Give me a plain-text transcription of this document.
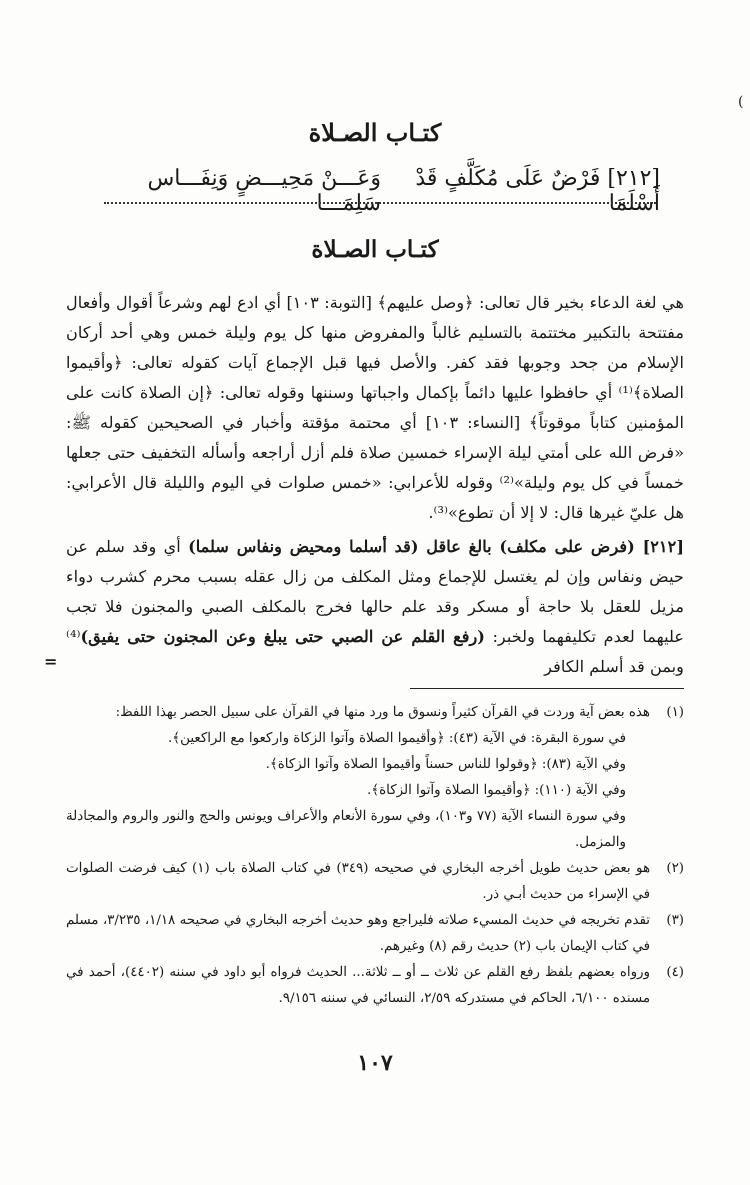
(
كتـاب الصـلاة
[٢١٢] فَرْضٌ عَلَى مُكَلَّفٍ قَدْ أَسْلَمَا
وَعَـــنْ مَحِيـــضٍ وَنِفَـــاس سَلِمَـــا
كتـاب الصـلاة

هي لغة الدعاء بخير قال تعالى: ﴿وصل عليهم﴾ [التوبة: ١٠٣] أي ادع لهم وشرعاً أقوال وأفعال مفتتحة بالتكبير مختتمة بالتسليم غالباً والمفروض منها كل يوم وليلة خمس وهي أحد أركان الإسلام من جحد وجوبها فقد كفر. والأصل فيها قبل الإجماع آيات كقوله تعالى: ﴿وأقيموا الصلاة﴾⁽¹⁾ أي حافظوا عليها دائماً بإكمال واجباتها وسننها وقوله تعالى: ﴿إن الصلاة كانت على المؤمنين كتاباً موقوتاً﴾ [النساء: ١٠٣] أي محتمة مؤقتة وأخبار في الصحيحين كقوله ﷺ: «فرض الله على أمتي ليلة الإسراء خمسين صلاة فلم أزل أراجعه وأسأله التخفيف حتى جعلها خمساً في كل يوم وليلة»⁽²⁾ وقوله للأعرابي: «خمس صلوات في اليوم والليلة قال الأعرابي: هل عليّ غيرها قال: لا إلا أن تطوع»⁽³⁾.

[٢١٢] (فرض على مكلف) بالغ عاقل (قد أسلما ومحيض ونفاس سلما) أي وقد سلم عن حيض ونفاس وإن لم يغتسل للإجماع ومثل المكلف من زال عقله بسبب محرم كشرب دواء مزيل للعقل بلا حاجة أو مسكر وقد علم حالها فخرج بالمكلف الصبي والمجنون فلا تجب عليهما لعدم تكليفهما ولخبر: (رفع القلم عن الصبي حتى يبلغ وعن المجنون حتى يفيق)⁽⁴⁾ وبمن قد أسلم الكافر

=
(١)
هذه بعض آية وردت في القرآن كثيراً ونسوق ما ورد منها في القرآن على سبيل الحصر بهذا اللفظ:
في سورة البقرة: في الآية (٤٣): ﴿وأقيموا الصلاة وآتوا الزكاة واركعوا مع الراكعين﴾.
وفي الآية (٨٣): ﴿وقولوا للناس حسناً وأقيموا الصلاة وآتوا الزكاة﴾.
وفي الآية (١١٠): ﴿وأقيموا الصلاة وآتوا الزكاة﴾.
وفي سورة النساء الآية (٧٧ و١٠٣)، وفي سورة الأنعام والأعراف ويونس والحج والنور والروم والمجادلة والمزمل.
(٢)
هو بعض حديث طويل أخرجه البخاري في صحيحه (٣٤٩) في كتاب الصلاة باب (١) كيف فرضت الصلوات في الإسراء من حديث أبـي ذر.
(٣)
تقدم تخريجه في حديث المسيء صلاته فليراجع وهو حديث أخرجه البخاري في صحيحه ١/١٨، ٣/٢٣٥، مسلم في كتاب الإيمان باب (٢) حديث رقم (٨) وغيرهم.
(٤)
ورواه بعضهم بلفظ رفع القلم عن ثلاث ــ أو ــ ثلاثة... الحديث فرواه أبو داود في سننه (٤٤٠٢)، أحمد في مسنده ٦/١٠٠، الحاكم في مستدركه ٢/٥٩، النسائي في سننه ٩/١٥٦.
١٠٧
